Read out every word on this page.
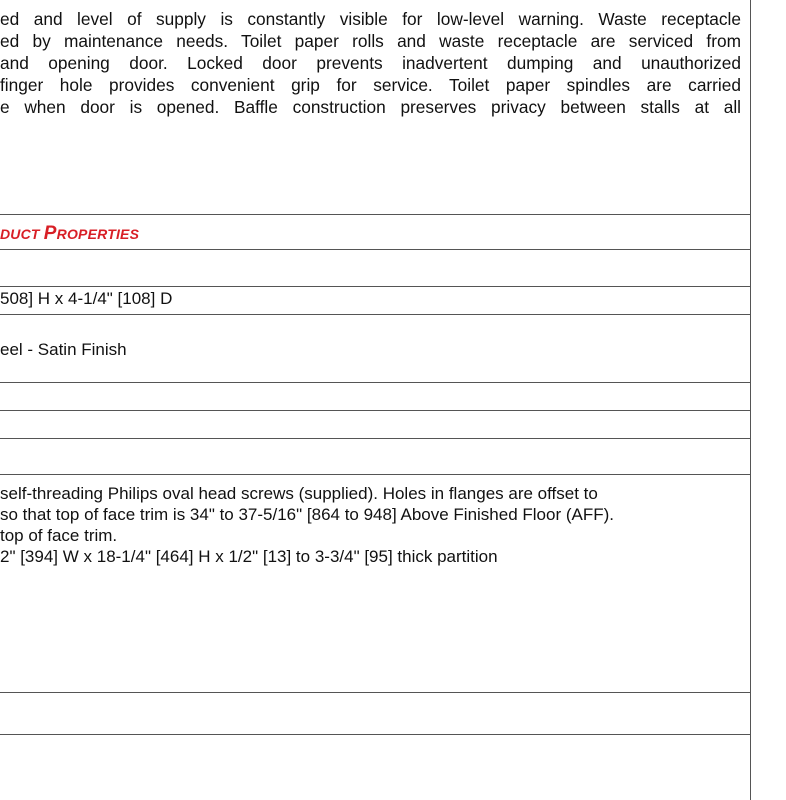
ed and level of supply is constantly visible for low-level warning. Waste receptacle
ed by maintenance needs. Toilet paper rolls and waste receptacle are serviced from
and opening door. Locked door prevents inadvertent dumping and unauthorized
finger hole provides convenient grip for service. Toilet paper spindles are carried
e when door is opened. Baffle construction preserves privacy between stalls at all
DUCT PROPERTIES
508] H x 4-1/4" [108] D
eel - Satin Finish
self-threading Philips oval head screws (supplied). Holes in flanges are offset to
so that top of face trim is 34" to 37-5/16" [864 to 948] Above Finished Floor (AFF).
top of face trim.
2" [394] W x 18-1/4" [464] H x 1/2" [13] to 3-3/4" [95] thick partition
